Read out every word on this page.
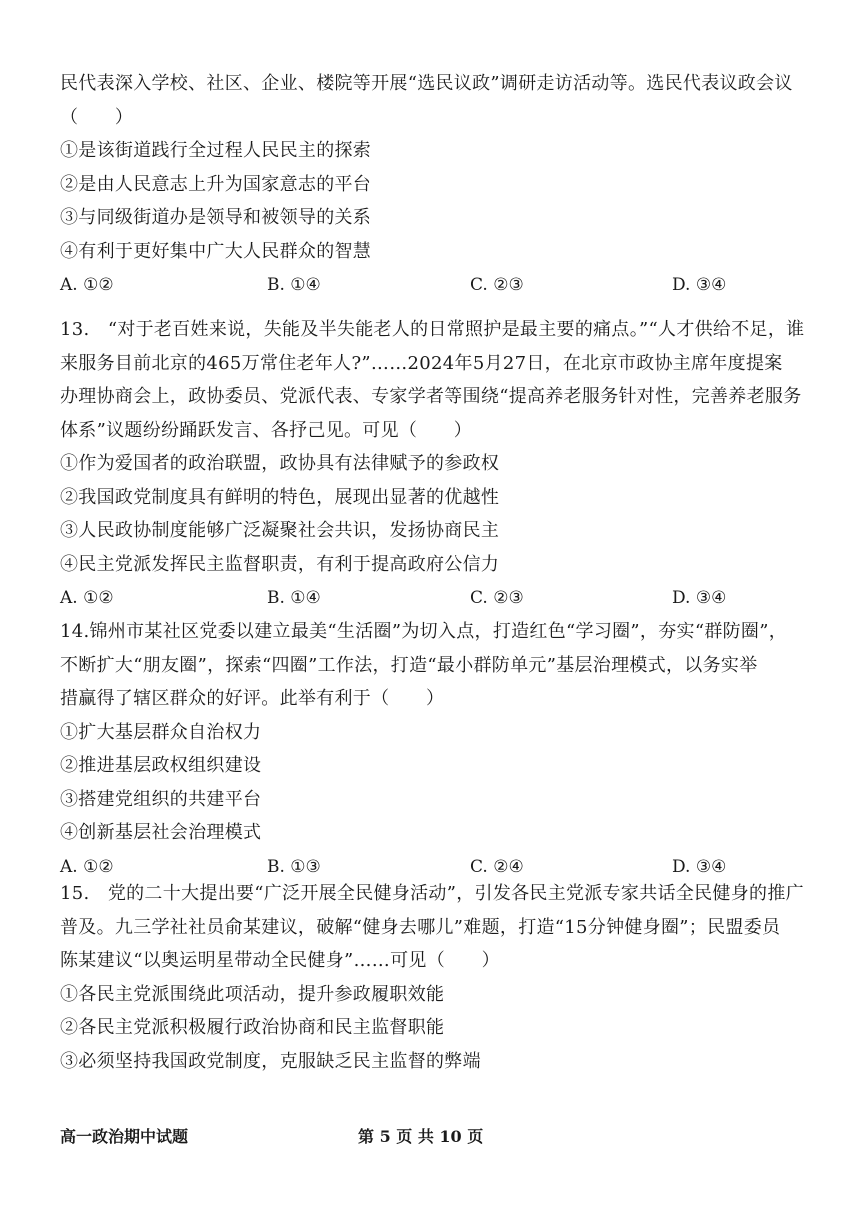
民代表深入学校、社区、企业、楼院等开展“选民议政”调研走访活动等。选民代表议政会议
（　　）
①是该街道践行全过程人民民主的探索
②是由人民意志上升为国家意志的平台
③与同级街道办是领导和被领导的关系
④有利于更好集中广大人民群众的智慧
A. ①②	B. ①④	C. ②③	D. ③④
13.　“对于老百姓来说，失能及半失能老人的日常照护是最主要的痛点。”“人才供给不足，谁
来服务目前北京的465万常住老年人?”……2024年5月27日，在北京市政协主席年度提案
办理协商会上，政协委员、党派代表、专家学者等围绕“提高养老服务针对性，完善养老服务
体系”议题纷纷踊跃发言、各抒己见。可见（　　）
①作为爱国者的政治联盟，政协具有法律赋予的参政权
②我国政党制度具有鲜明的特色，展现出显著的优越性
③人民政协制度能够广泛凝聚社会共识，发扬协商民主
④民主党派发挥民主监督职责，有利于提高政府公信力
A. ①②	B. ①④	C. ②③	D. ③④
14.锦州市某社区党委以建立最美“生活圈”为切入点，打造红色“学习圈”，夯实“群防圈”，
不断扩大“朋友圈”，探索“四圈”工作法，打造“最小群防单元”基层治理模式，以务实举
措赢得了辖区群众的好评。此举有利于（　　）
①扩大基层群众自治权力
②推进基层政权组织建设
③搭建党组织的共建平台
④创新基层社会治理模式
A. ①②	B. ①③	C. ②④	D. ③④
15.　党的二十大提出要“广泛开展全民健身活动”，引发各民主党派专家共话全民健身的推广
普及。九三学社社员俞某建议，破解“健身去哪儿”难题，打造“15分钟健身圈”；民盟委员
陈某建议“以奥运明星带动全民健身”……可见（　　）
①各民主党派围绕此项活动，提升参政履职效能
②各民主党派积极履行政治协商和民主监督职能
③必须坚持我国政党制度，克服缺乏民主监督的弊端
高一政治期中试题	第 5 页 共 10 页
